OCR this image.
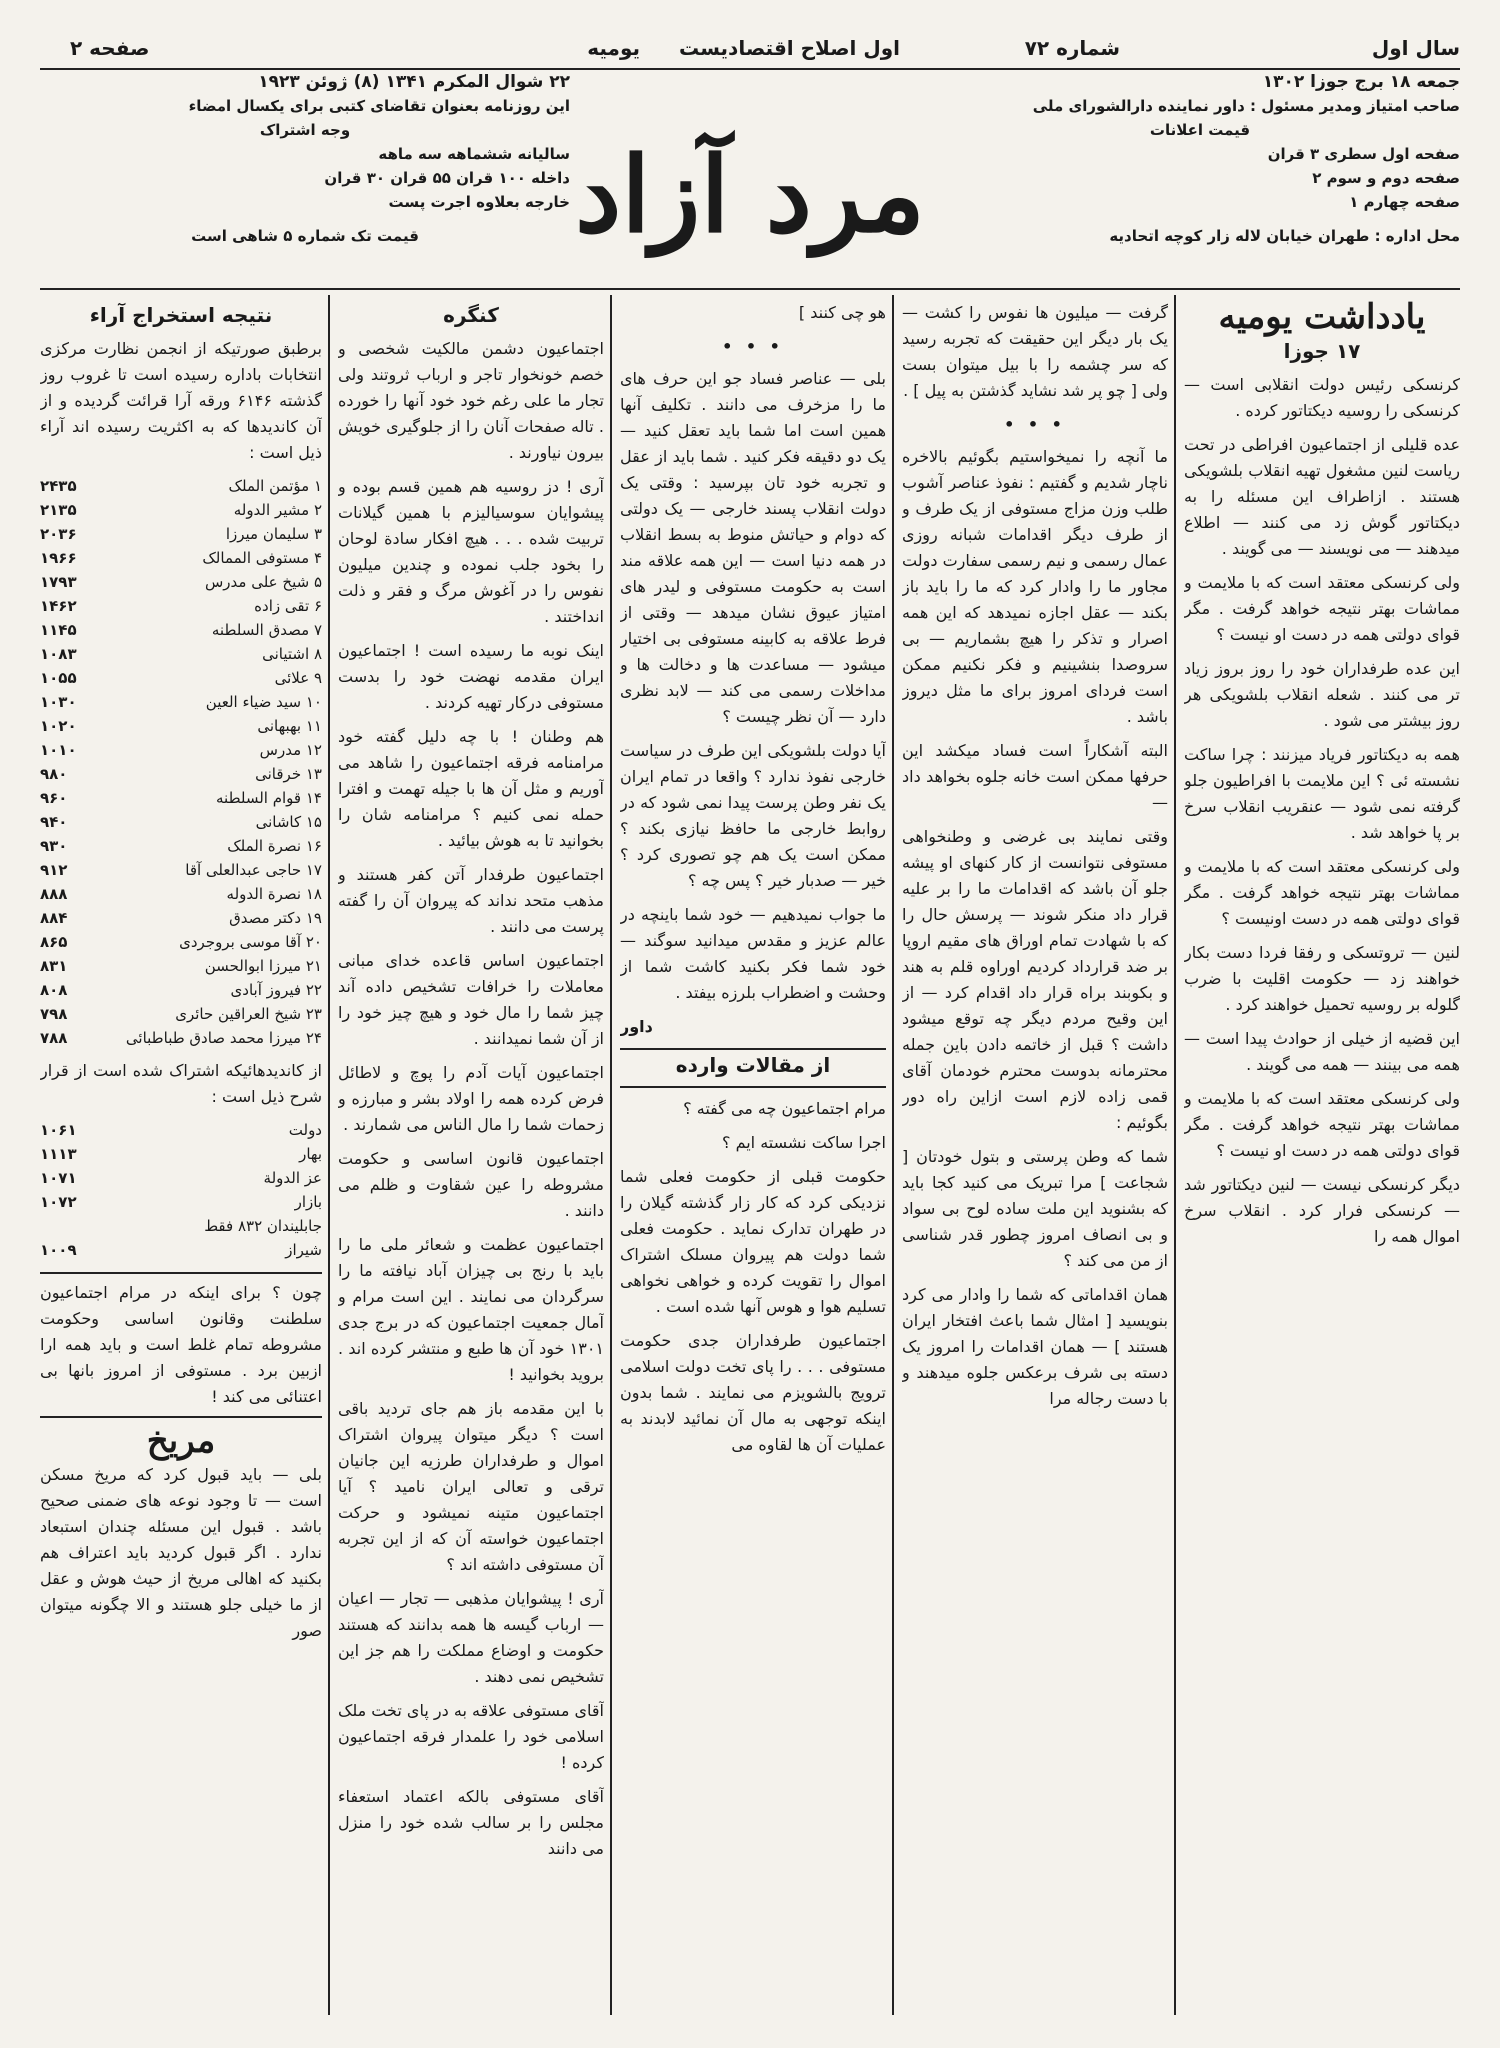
سال اول
شماره ۷۲
اول اصلاح اقتصادیست
یومیه
صفحه ۲
جمعه ۱۸ برج جوزا ۱۳۰۲
صاحب امتیاز ومدیر مسئول : داور نماینده دارالشورای ملی
قیمت اعلانات
صفحه اول سطری ۳ قران
صفحه دوم و سوم ۲
صفحه چهارم ۱
محل اداره : طهران خیابان لاله زار کوچه اتحادیه
مرد آزاد
۲۲ شوال المکرم ۱۳۴۱ (۸) ژوئن ۱۹۲۳
این روزنامه بعنوان تقاضای کتبی برای یکسال امضاء
وجه اشتراک
سالیانه ششماهه سه ماهه
داخله ۱۰۰ قران ۵۵ قران ۳۰ قران
خارجه بعلاوه اجرت پست
قیمت تک شماره ۵ شاهی است
یادداشت یومیه
۱۷ جوزا

کرنسکی رئیس دولت انقلابی است — کرنسکی را روسیه دیکتاتور کرده .

عده قلیلی از اجتماعیون افراطی در تحت ریاست لنین مشغول تهیه انقلاب بلشویکی هستند . ازاطراف این مسئله را به دیکتاتور گوش زد می کنند — اطلاع میدهند — می نویسند — می گویند .

ولی کرنسکی معتقد است که با ملایمت و مماشات بهتر نتیجه خواهد گرفت . مگر قوای دولتی همه در دست او نیست ؟

این عده طرفداران خود را روز بروز زیاد تر می کنند . شعله انقلاب بلشویکی هر روز بیشتر می شود .

همه به دیکتاتور فریاد میزنند : چرا ساکت نشسته ئی ؟ این ملایمت با افراطیون جلو گرفته نمی شود — عنقریب انقلاب سرخ بر پا خواهد شد .

ولی کرنسکی معتقد است که با ملایمت و مماشات بهتر نتیجه خواهد گرفت . مگر قوای دولتی همه در دست اونیست ؟

لنین — تروتسکی و رفقا فردا دست بکار خواهند زد — حکومت اقلیت با ضرب گلوله بر روسیه تحمیل خواهند کرد .

این قضیه از خیلی از حوادث پیدا است — همه می بینند — همه می گویند .

ولی کرنسکی معتقد است که با ملایمت و مماشات بهتر نتیجه خواهد گرفت . مگر قوای دولتی همه در دست او نیست ؟

دیگر کرنسکی نیست — لنین دیکتاتور شد — کرنسکی فرار کرد . انقلاب سرخ اموال همه را

گرفت — میلیون ها نفوس را کشت — یک بار دیگر این حقیقت که تجربه رسید که سر چشمه را با بیل میتوان بست ولی [ چو پر شد نشاید گذشتن به پیل ] .

• • •

ما آنچه را نمیخواستیم بگوئیم بالاخره ناچار شدیم و گفتیم : نفوذ عناصر آشوب طلب وزن مزاج مستوفی از یک طرف و از طرف دیگر اقدامات شبانه روزی عمال رسمی و نیم رسمی سفارت دولت مجاور ما را وادار کرد که ما را باید باز بکند — عقل اجازه نمیدهد که این همه اصرار و تذکر را هیچ بشماریم — بی سروصدا بنشینیم و فکر نکنیم ممکن است فردای امروز برای ما مثل دیروز باشد .

البته آشکاراً است فساد میکشد این حرفها ممکن است خانه جلوه بخواهد داد —

وقتی نمایند بی غرضی و وطنخواهی مستوفی نتوانست از کار کنهای او پیشه جلو آن باشد که اقدامات ما را بر علیه قرار داد منکر شوند — پرسش حال را که با شهادت تمام اوراق های مقیم اروپا بر ضد قرارداد کردیم اوراوه قلم به هند و بکوبند براه قرار داد اقدام کرد — از این وقیح مردم دیگر چه توقع میشود داشت ؟ قبل از خاتمه دادن باین جمله محترمانه بدوست محترم خودمان آقای قمی زاده لازم است ازاین راه دور بگوئیم :

شما که وطن پرستی و بتول خودتان [ شجاعت ] مرا تبریک می کنید کجا باید که بشنوید این ملت ساده لوح بی سواد و بی انصاف امروز چطور قدر شناسی از من می کند ؟

همان اقداماتی که شما را وادار می کرد بنویسید [ امثال شما باعث افتخار ایران هستند ] — همان اقدامات را امروز یک دسته بی شرف برعکس جلوه میدهند و با دست رجاله مرا

هو چی کنند ]

• • •

بلی — عناصر فساد جو این حرف های ما را مزخرف می دانند . تکلیف آنها همین است اما شما باید تعقل کنید — یک دو دقیقه فکر کنید . شما باید از عقل و تجربه خود تان بپرسید : وقتی یک دولت انقلاب پسند خارجی — یک دولتی که دوام و حیاتش منوط به بسط انقلاب در همه دنیا است — این همه علاقه مند است به حکومت مستوفی و لیدر های امتیاز عیوق نشان میدهد — وقتی از فرط علاقه به کابینه مستوفی بی اختیار میشود — مساعدت ها و دخالت ها و مداخلات رسمی می کند — لابد نظری دارد — آن نظر چیست ؟

آیا دولت بلشویکی این طرف در سیاست خارجی نفوذ ندارد ؟ واقعا در تمام ایران یک نفر وطن پرست پیدا نمی شود که در روابط خارجی ما حافظ نیازی بکند ؟ ممکن است یک هم چو تصوری کرد ؟ خیر — صدبار خیر ؟ پس چه ؟

ما جواب نمیدهیم — خود شما باینچه در عالم عزیز و مقدس میدانید سوگند — خود شما فکر بکنید کاشت شما از وحشت و اضطراب بلرزه بیفتد .

داور
از مقالات وارده

مرام اجتماعیون چه می گفته ؟

اجرا ساکت نشسته ایم ؟

حکومت قبلی از حکومت فعلی شما نزدیکی کرد که کار زار گذشته گیلان را در طهران تدارک نماید . حکومت فعلی شما دولت هم پیروان مسلک اشتراک اموال را تقویت کرده و خواهی نخواهی تسلیم هوا و هوس آنها شده است .

اجتماعیون طرفداران جدی حکومت مستوفی . . . را پای تخت دولت اسلامی ترویج بالشویزم می نمایند . شما بدون اینکه توجهی به مال آن نمائید لابدند به عملیات آن ها لقاوه می

کنگره

اجتماعیون دشمن مالکیت شخصی و خصم خونخوار تاجر و ارباب ثروتند ولی تجار ما علی رغم خود خود آنها را خورده . تاله صفحات آنان را از جلوگیری خویش بیرون نیاورند .

آری ! دز روسیه هم همین قسم بوده و پیشوایان سوسیالیزم با همین گیلانات تربیت شده . . . هیچ افکار سادة لوحان را بخود جلب نموده و چندین میلیون نفوس را در آغوش مرگ و فقر و ذلت انداختند .

اینک نوبه ما رسیده است ! اجتماعیون ایران مقدمه نهضت خود را بدست مستوفی درکار تهیه کردند .

هم وطنان ! با چه دلیل گفته خود مرامنامه فرقه اجتماعیون را شاهد می آوریم و مثل آن ها با جیله تهمت و افترا حمله نمی کنیم ؟ مرامنامه شان را بخوانید تا به هوش بیائید .

اجتماعیون طرفدار آتن کفر هستند و مذهب متحد نداند که پیروان آن را گفته پرست می دانند .

اجتماعیون اساس قاعده خدای مبانی معاملات را خرافات تشخیص داده آند چیز شما را مال خود و هیچ چیز خود را از آن شما نمیدانند .

اجتماعیون آیات آدم را پوچ و لاطائل فرض کرده همه را اولاد بشر و مبارزه و زحمات شما را مال الناس می شمارند .

اجتماعیون قانون اساسی و حکومت مشروطه را عین شقاوت و ظلم می دانند .

اجتماعیون عظمت و شعائر ملی ما را باید با رنج بی چیزان آباد نیافته ما را سرگردان می نمایند . این است مرام و آمال جمعیت اجتماعیون که در برج جدی ۱۳۰۱ خود آن ها طبع و منتشر کرده اند . بروید بخوانید !

با این مقدمه باز هم جای تردید باقی است ؟ دیگر میتوان پیروان اشتراک اموال و طرفداران طرزیه این جانیان ترقی و تعالی ایران نامید ؟ آیا اجتماعیون متینه نمیشود و حرکت اجتماعیون خواسته آن که از این تجربه آن مستوفی داشته اند ؟

آری ! پیشوایان مذهبی — تجار — اعیان — ارباب گیسه ها همه بدانند که هستند حکومت و اوضاع مملکت را هم جز این تشخیص نمی دهند .

آقای مستوفی علاقه به در پای تخت ملک اسلامی خود را علمدار فرقه اجتماعیون کرده !

آقای مستوفی بالکه اعتماد استعفاء مجلس را بر سالب شده خود را منزل می دانند

نتیجه استخراج آراء

برطبق صورتیکه از انجمن نظارت مرکزی انتخابات باداره رسیده است تا غروب روز گذشته ۶۱۴۶ ورقه آرا قرائت گردیده و از آن کاندیدها که به اکثریت رسیده اند آراء ذیل است :

۱ مؤتمن الملک
۲۴۳۵
۲ مشیر الدوله
۲۱۳۵
۳ سلیمان میرزا
۲۰۳۶
۴ مستوفی الممالک
۱۹۶۶
۵ شیخ علی مدرس
۱۷۹۳
۶ تقی زاده
۱۴۶۲
۷ مصدق السلطنه
۱۱۴۵
۸ اشتیانی
۱۰۸۳
۹ علائی
۱۰۵۵
۱۰ سید ضیاء العین
۱۰۳۰
۱۱ بهبهانی
۱۰۲۰
۱۲ مدرس
۱۰۱۰
۱۳ خرقانی
۹۸۰
۱۴ قوام السلطنه
۹۶۰
۱۵ کاشانی
۹۴۰
۱۶ نصرة الملک
۹۳۰
۱۷ حاجی عبدالعلی آقا
۹۱۲
۱۸ نصرة الدوله
۸۸۸
۱۹ دکتر مصدق
۸۸۴
۲۰ آقا موسی بروجردی
۸۶۵
۲۱ میرزا ابوالحسن
۸۳۱
۲۲ فیروز آبادی
۸۰۸
۲۳ شیخ العراقین حائری
۷۹۸
۲۴ میرزا محمد صادق طباطبائی
۷۸۸

از کاندیدهائیکه اشتراک شده است از قرار شرح ذیل است :

دولت
۱۰۶۱
بهار
۱۱۱۳
عز الدولة
۱۰۷۱
بازار
۱۰۷۲
جابلیندان ۸۳۲ فقط
شیراز
۱۰۰۹

چون ؟ برای اینکه در مرام اجتماعیون سلطنت وقانون اساسی وحکومت مشروطه تمام غلط است و باید همه ارا ازبین برد . مستوفی از امروز بانها بی اعتنائی می کند !

مریخ

بلی — باید قبول کرد که مریخ مسکن است — تا وجود نوعه های ضمنی صحیح باشد . قبول این مسئله چندان استبعاد ندارد . اگر قبول کردید باید اعتراف هم بکنید که اهالی مریخ از حیث هوش و عقل از ما خیلی جلو هستند و الا چگونه میتوان صور
